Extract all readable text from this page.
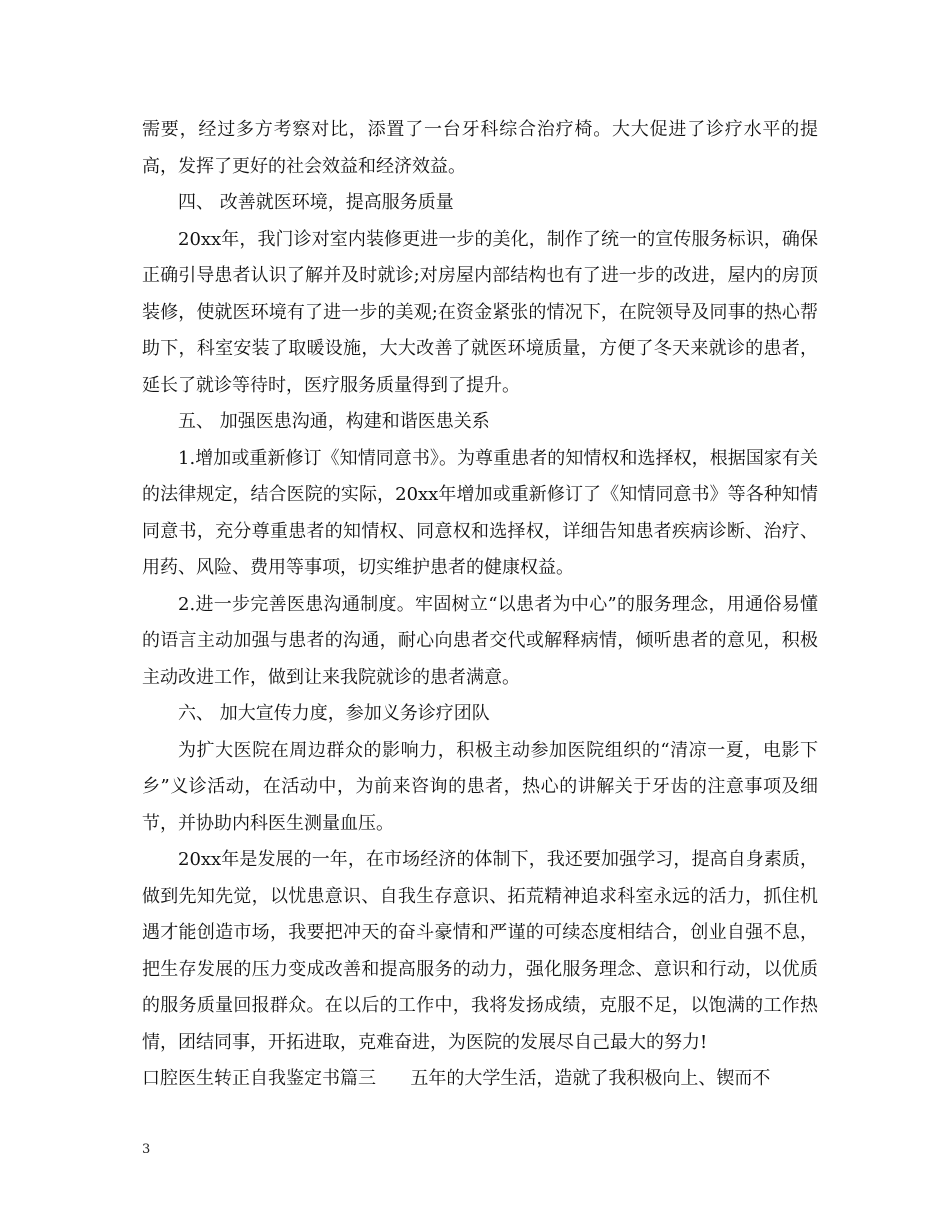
需要，经过多方考察对比，添置了一台牙科综合治疗椅。大大促进了诊疗水平的提高，发挥了更好的社会效益和经济效益。

四、 改善就医环境，提高服务质量

20xx年，我门诊对室内装修更进一步的美化，制作了统一的宣传服务标识，确保正确引导患者认识了解并及时就诊;对房屋内部结构也有了进一步的改进，屋内的房顶装修，使就医环境有了进一步的美观;在资金紧张的情况下，在院领导及同事的热心帮助下，科室安装了取暖设施，大大改善了就医环境质量，方便了冬天来就诊的患者，延长了就诊等待时，医疗服务质量得到了提升。

五、 加强医患沟通，构建和谐医患关系

1.增加或重新修订《知情同意书》。为尊重患者的知情权和选择权，根据国家有关的法律规定，结合医院的实际，20xx年增加或重新修订了《知情同意书》等各种知情同意书，充分尊重患者的知情权、同意权和选择权，详细告知患者疾病诊断、治疗、用药、风险、费用等事项，切实维护患者的健康权益。

2.进一步完善医患沟通制度。牢固树立“以患者为中心”的服务理念，用通俗易懂的语言主动加强与患者的沟通，耐心向患者交代或解释病情，倾听患者的意见，积极主动改进工作，做到让来我院就诊的患者满意。

六、 加大宣传力度，参加义务诊疗团队

为扩大医院在周边群众的影响力，积极主动参加医院组织的“清凉一夏，电影下乡”义诊活动，在活动中，为前来咨询的患者，热心的讲解关于牙齿的注意事项及细节，并协助内科医生测量血压。

20xx年是发展的一年，在市场经济的体制下，我还要加强学习，提高自身素质，做到先知先觉，以忧患意识、自我生存意识、拓荒精神追求科室永远的活力，抓住机遇才能创造市场，我要把冲天的奋斗豪情和严谨的可续态度相结合，创业自强不息，把生存发展的压力变成改善和提高服务的动力，强化服务理念、意识和行动，以优质的服务质量回报群众。在以后的工作中，我将发扬成绩，克服不足，以饱满的工作热情，团结同事，开拓进取，克难奋进，为医院的发展尽自己最大的努力!

口腔医生转正自我鉴定书篇三      五年的大学生活，造就了我积极向上、锲而不

3
